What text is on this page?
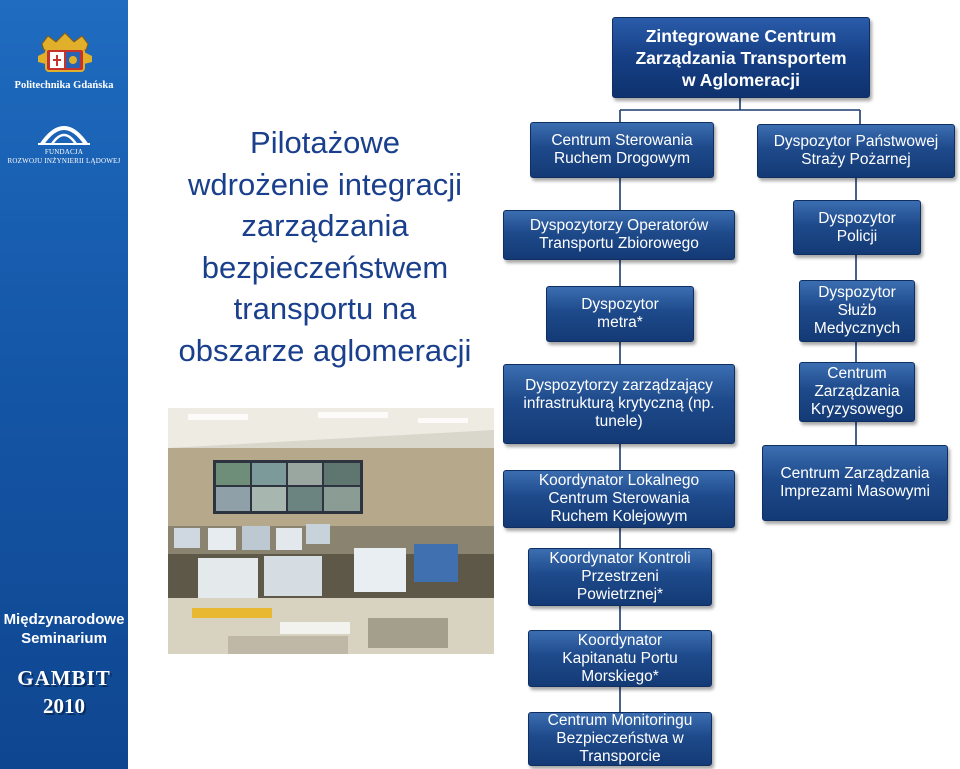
Politechnika Gdańska
FUNDACJA
ROZWOJU INŻYNIERII LĄDOWEJ
Międzynarodowe
Seminarium
GAMBIT
2010
Pilotażowe
wdrożenie integracji
zarządzania
bezpieczeństwem
transportu na
obszarze aglomeracji
Zintegrowane Centrum
Zarządzania Transportem
w Aglomeracji
Centrum Sterowania
Ruchem Drogowym
Dyspozytorzy Operatorów
Transportu Zbiorowego
Dyspozytor
metra*
Dyspozytorzy zarządzający
infrastrukturą krytyczną (np.
tunele)
Dyspozytor Państwowej
Straży Pożarnej
Dyspozytor
Policji
Dyspozytor
Służb
Medycznych
Centrum
Zarządzania
Kryzysowego
Centrum Zarządzania
Imprezami Masowymi
Koordynator Lokalnego
Centrum Sterowania
Ruchem Kolejowym
Koordynator Kontroli
Przestrzeni
Powietrznej*
Koordynator
Kapitanatu Portu
Morskiego*
Centrum Monitoringu
Bezpieczeństwa w
Transporcie
